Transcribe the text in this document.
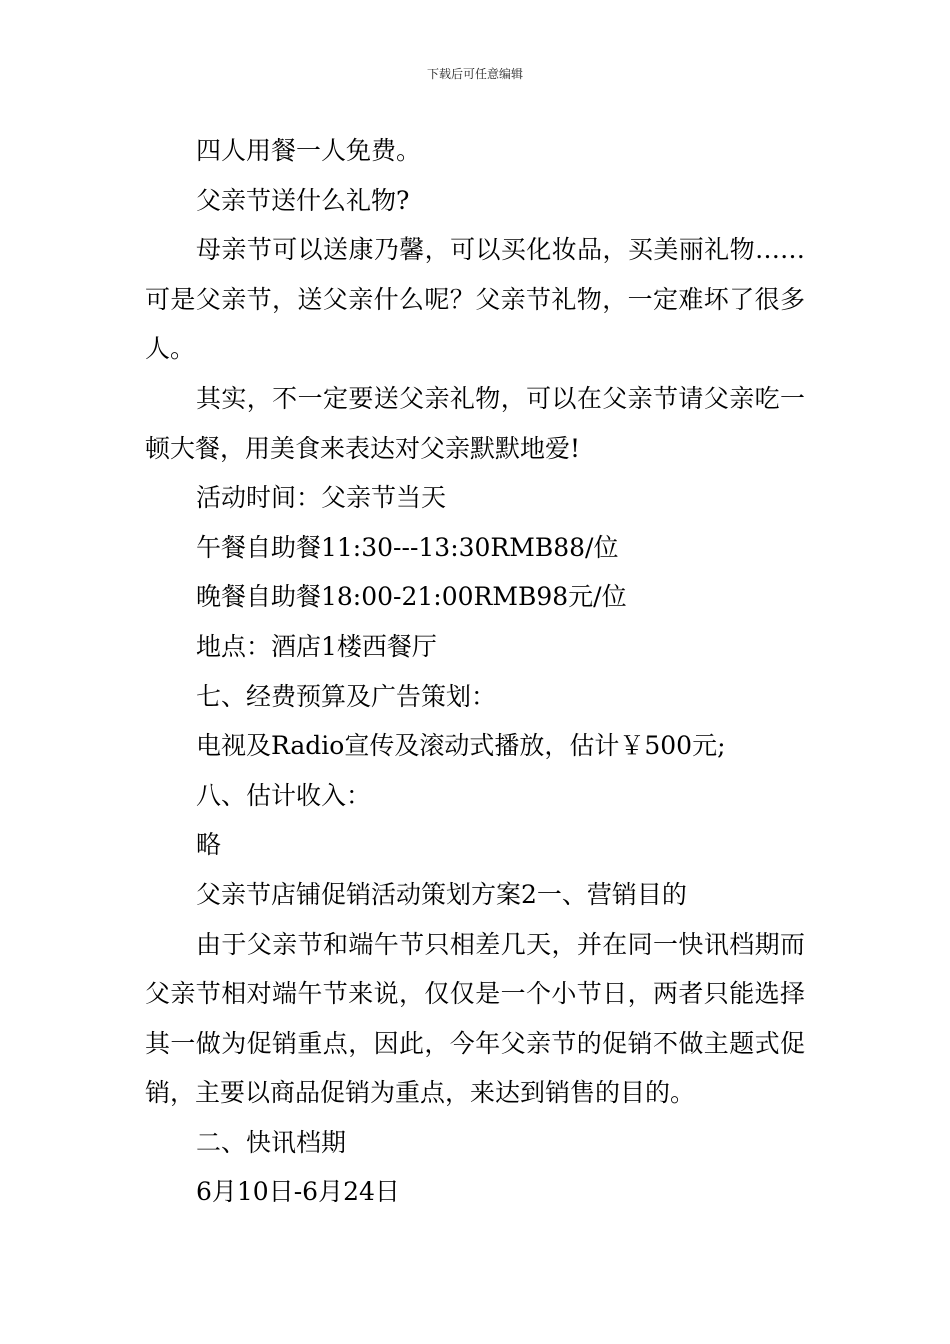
下载后可任意编辑

四人用餐一人免费。

父亲节送什么礼物?

母亲节可以送康乃馨，可以买化妆品，买美丽礼物……可是父亲节，送父亲什么呢？父亲节礼物，一定难坏了很多人。

其实，不一定要送父亲礼物，可以在父亲节请父亲吃一顿大餐，用美食来表达对父亲默默地爱!

活动时间：父亲节当天

午餐自助餐11:30---13:30RMB88/位

晚餐自助餐18:00-21:00RMB98元/位

地点：酒店1楼西餐厅

七、经费预算及广告策划：

电视及Radio宣传及滚动式播放，估计￥500元;

八、估计收入：

略

父亲节店铺促销活动策划方案2一、营销目的

由于父亲节和端午节只相差几天，并在同一快讯档期而父亲节相对端午节来说，仅仅是一个小节日，两者只能选择其一做为促销重点，因此，今年父亲节的促销不做主题式促销，主要以商品促销为重点，来达到销售的目的。

二、快讯档期

6月10日-6月24日
